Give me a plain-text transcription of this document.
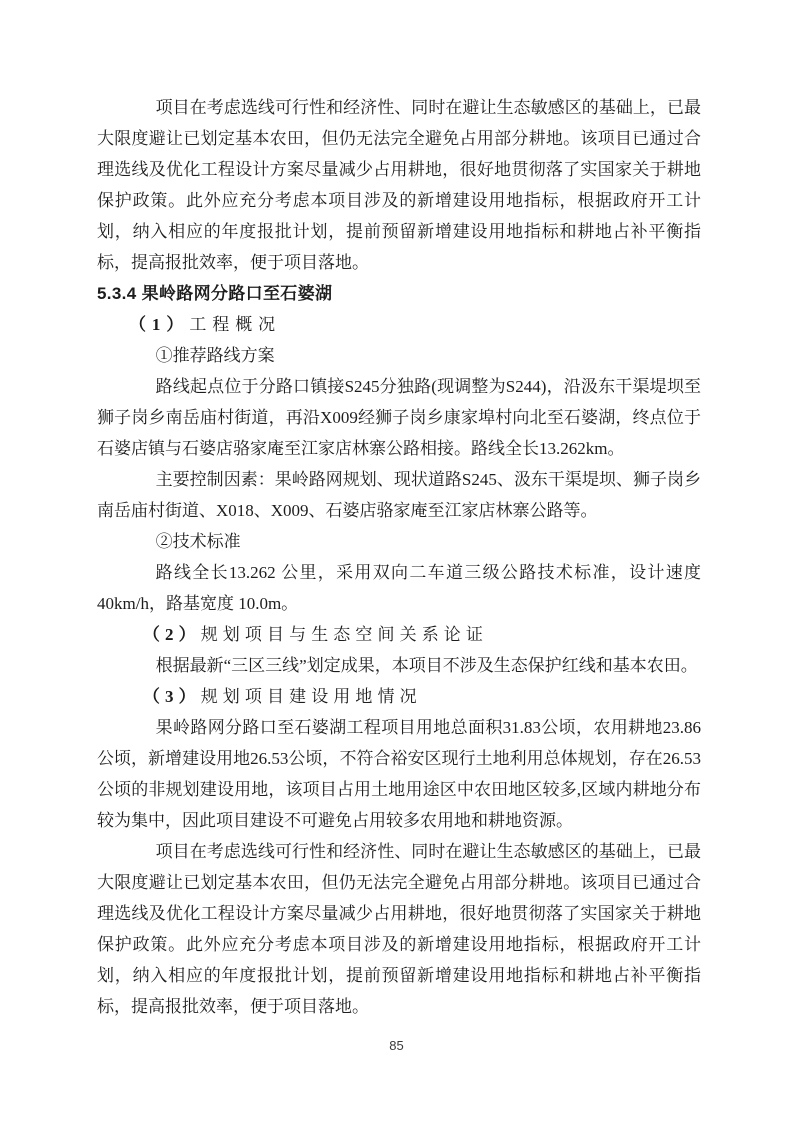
项目在考虑选线可行性和经济性、同时在避让生态敏感区的基础上，已最大限度避让已划定基本农田，但仍无法完全避免占用部分耕地。该项目已通过合理选线及优化工程设计方案尽量减少占用耕地，很好地贯彻落了实国家关于耕地保护政策。此外应充分考虑本项目涉及的新增建设用地指标，根据政府开工计划，纳入相应的年度报批计划，提前预留新增建设用地指标和耕地占补平衡指标，提高报批效率，便于项目落地。

5.3.4 果岭路网分路口至石婆湖
（1）工程概况
①推荐路线方案

路线起点位于分路口镇接S245分独路(现调整为S244)，沿汲东干渠堤坝至狮子岗乡南岳庙村街道，再沿X009经狮子岗乡康家埠村向北至石婆湖，终点位于石婆店镇与石婆店骆家庵至江家店林寨公路相接。路线全长13.262km。

主要控制因素：果岭路网规划、现状道路S245、汲东干渠堤坝、狮子岗乡南岳庙村街道、X018、X009、石婆店骆家庵至江家店林寨公路等。

②技术标准

路线全长13.262 公里，采用双向二车道三级公路技术标准，设计速度 40km/h，路基宽度 10.0m。

（2）规划项目与生态空间关系论证

根据最新“三区三线”划定成果，本项目不涉及生态保护红线和基本农田。

（3）规划项目建设用地情况

果岭路网分路口至石婆湖工程项目用地总面积31.83公顷，农用耕地23.86公顷，新增建设用地26.53公顷，不符合裕安区现行土地利用总体规划，存在26.53公顷的非规划建设用地，该项目占用土地用途区中农田地区较多,区域内耕地分布较为集中，因此项目建设不可避免占用较多农用地和耕地资源。

项目在考虑选线可行性和经济性、同时在避让生态敏感区的基础上，已最大限度避让已划定基本农田，但仍无法完全避免占用部分耕地。该项目已通过合理选线及优化工程设计方案尽量减少占用耕地，很好地贯彻落了实国家关于耕地保护政策。此外应充分考虑本项目涉及的新增建设用地指标，根据政府开工计划，纳入相应的年度报批计划，提前预留新增建设用地指标和耕地占补平衡指标，提高报批效率，便于项目落地。

85
